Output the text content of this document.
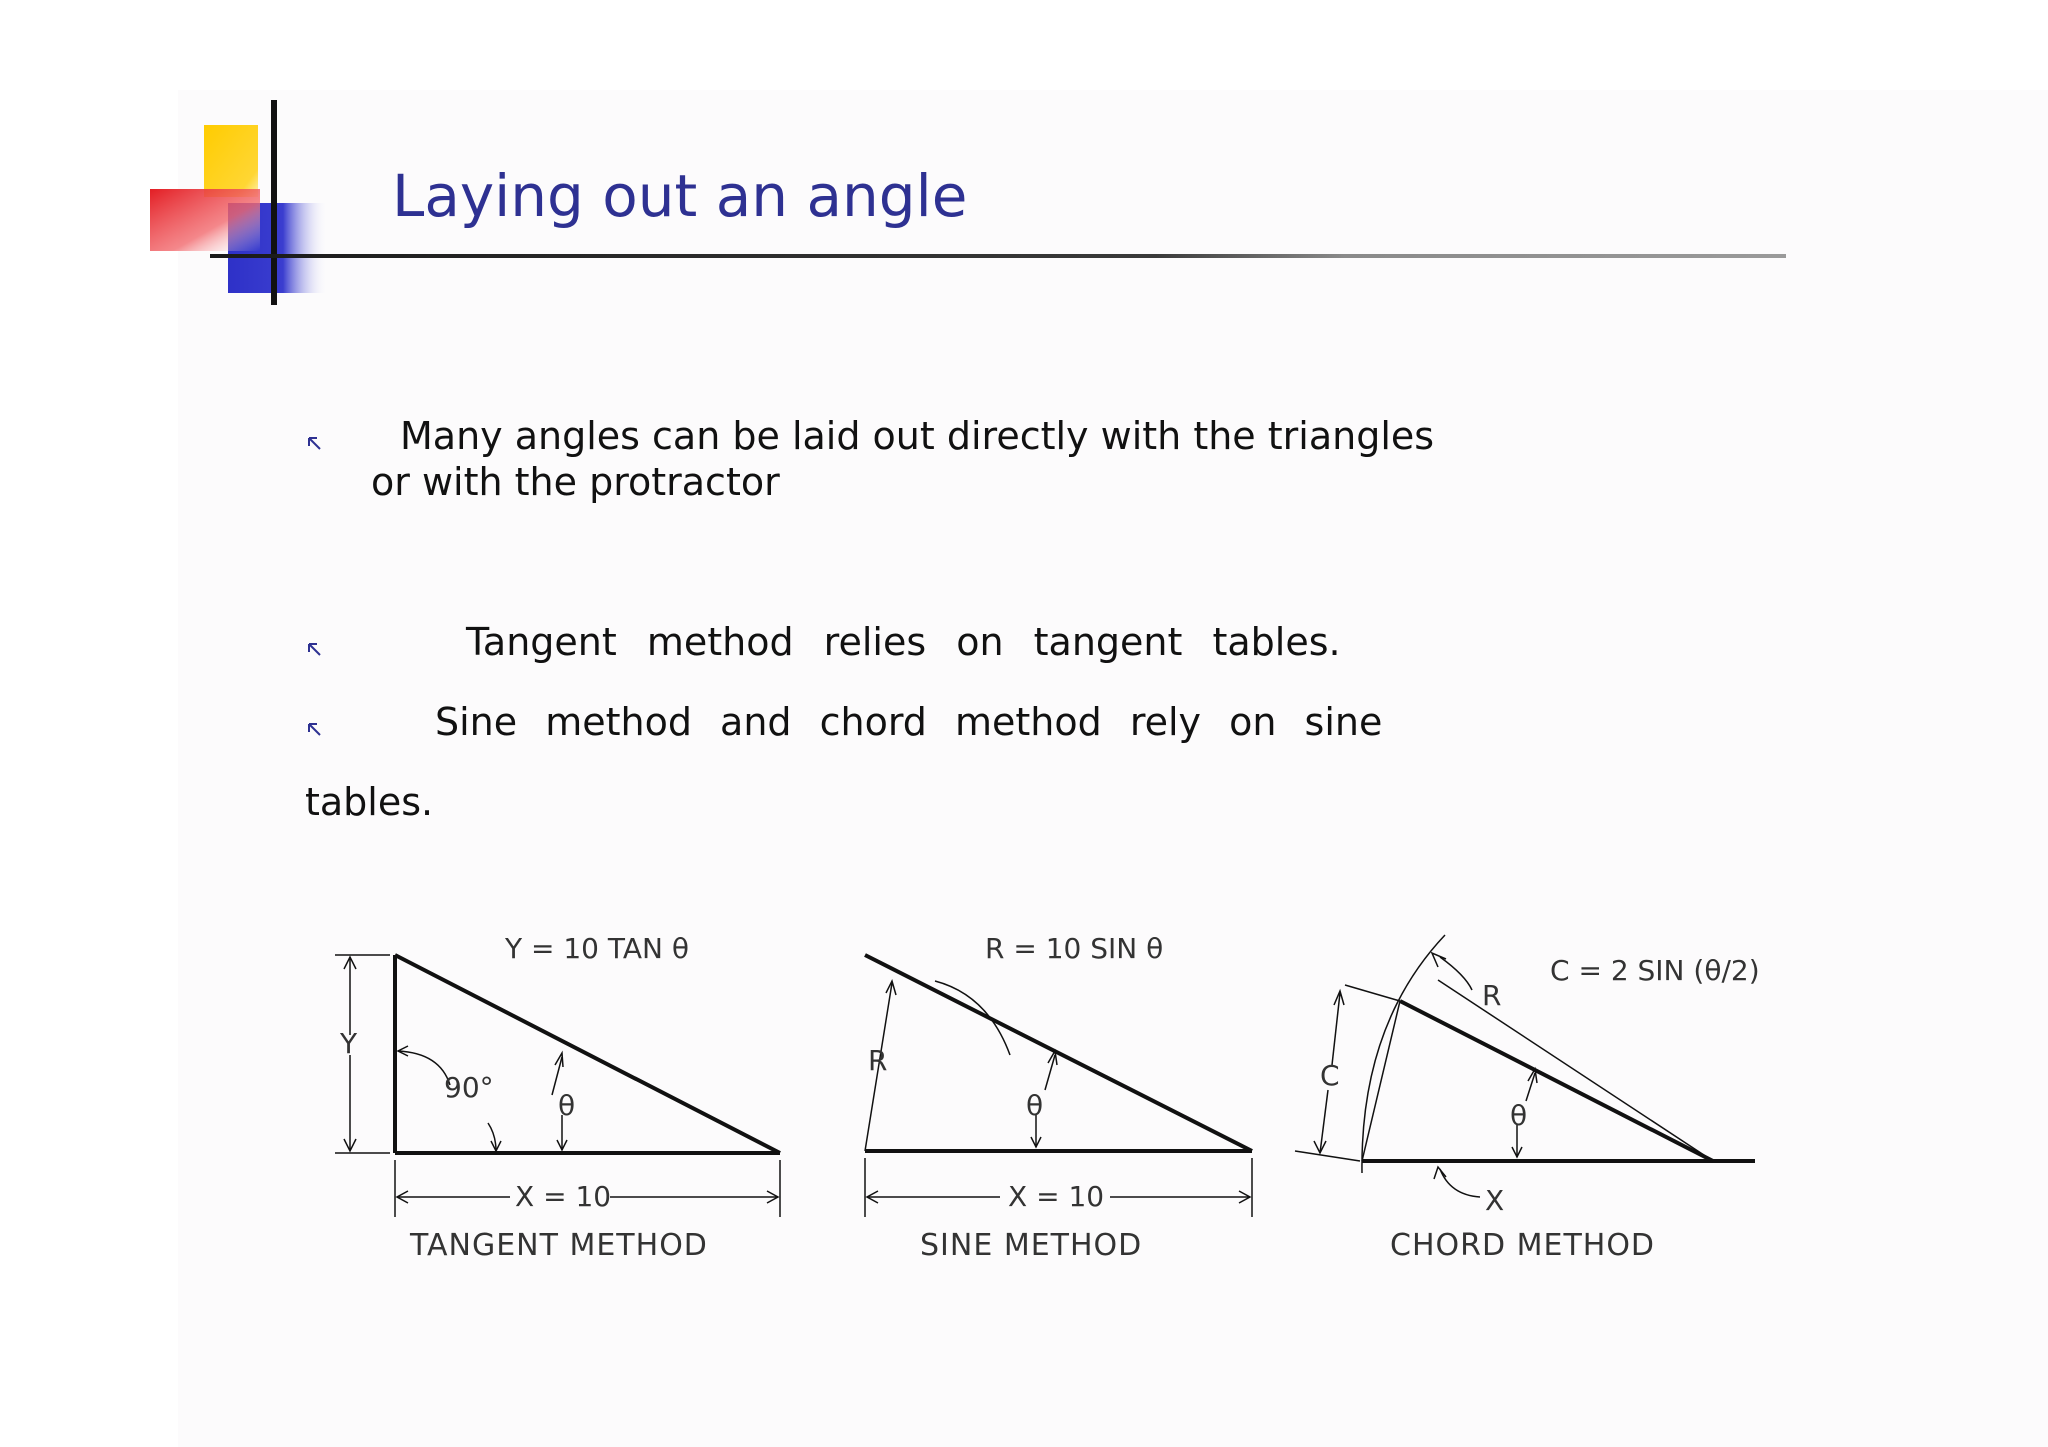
Laying out an angle
Many angles can be laid out directly with the triangles
or with the protractor
Tangent method relies on tangent tables.
Sine method and chord method rely on sine
tables.
Y = 10 TAN θ
Y
90°
θ
X = 10
TANGENT METHOD
R = 10 SIN θ
R
θ
X = 10
SINE METHOD
C = 2 SIN (θ/2)
R
C
θ
X
CHORD METHOD
